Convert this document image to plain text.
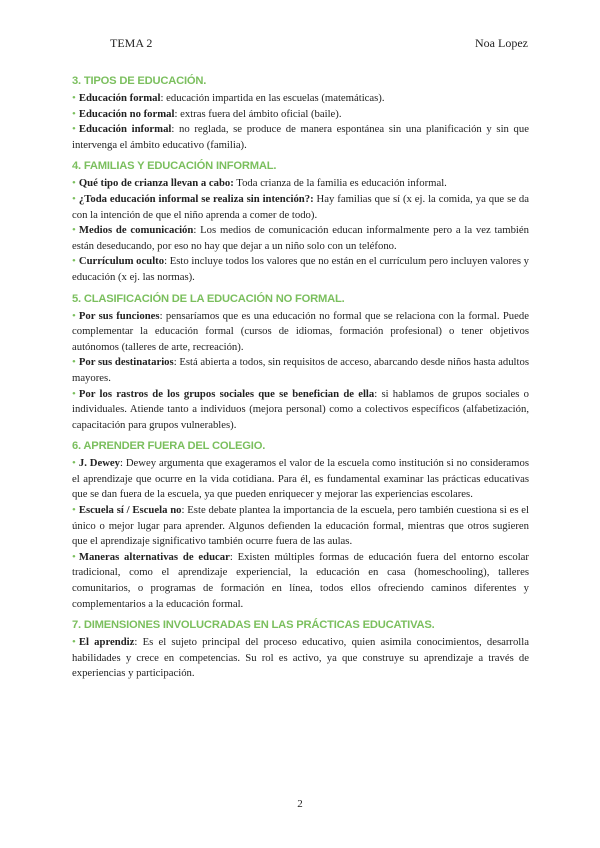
TEMA 2	Noa Lopez
3. TIPOS DE EDUCACIÓN.

• Educación formal: educación impartida en las escuelas (matemáticas).

• Educación no formal: extras fuera del ámbito oficial (baile).

• Educación informal: no reglada, se produce de manera espontánea sin una planificación y sin que intervenga el ámbito educativo (familia).

4. FAMILIAS Y EDUCACIÓN INFORMAL.

• Qué tipo de crianza llevan a cabo: Toda crianza de la familia es educación informal.

• ¿Toda educación informal se realiza sin intención?: Hay familias que sí (x ej. la comida, ya que se da con la intención de que el niño aprenda a comer de todo).

• Medios de comunicación: Los medios de comunicación educan informalmente pero a la vez también están deseducando, por eso no hay que dejar a un niño solo con un teléfono.

• Currículum oculto: Esto incluye todos los valores que no están en el currículum pero incluyen valores y educación (x ej. las normas).

5. CLASIFICACIÓN DE LA EDUCACIÓN NO FORMAL.

• Por sus funciones: pensaríamos que es una educación no formal que se relaciona con la formal. Puede complementar la educación formal (cursos de idiomas, formación profesional) o tener objetivos autónomos (talleres de arte, recreación).

• Por sus destinatarios: Está abierta a todos, sin requisitos de acceso, abarcando desde niños hasta adultos mayores.

• Por los rastros de los grupos sociales que se benefician de ella: si hablamos de grupos sociales o individuales. Atiende tanto a individuos (mejora personal) como a colectivos específicos (alfabetización, capacitación para grupos vulnerables).

6. APRENDER FUERA DEL COLEGIO.

• J. Dewey: Dewey argumenta que exageramos el valor de la escuela como institución si no consideramos el aprendizaje que ocurre en la vida cotidiana. Para él, es fundamental examinar las prácticas educativas que se dan fuera de la escuela, ya que pueden enriquecer y mejorar las experiencias escolares.

• Escuela sí / Escuela no: Este debate plantea la importancia de la escuela, pero también cuestiona si es el único o mejor lugar para aprender. Algunos defienden la educación formal, mientras que otros sugieren que el aprendizaje significativo también ocurre fuera de las aulas.

• Maneras alternativas de educar: Existen múltiples formas de educación fuera del entorno escolar tradicional, como el aprendizaje experiencial, la educación en casa (homeschooling), talleres comunitarios, o programas de formación en línea, todos ellos ofreciendo caminos diferentes y complementarios a la educación formal.

7. DIMENSIONES INVOLUCRADAS EN LAS PRÁCTICAS EDUCATIVAS.

• El aprendiz: Es el sujeto principal del proceso educativo, quien asimila conocimientos, desarrolla habilidades y crece en competencias. Su rol es activo, ya que construye su aprendizaje a través de experiencias y participación.

2
